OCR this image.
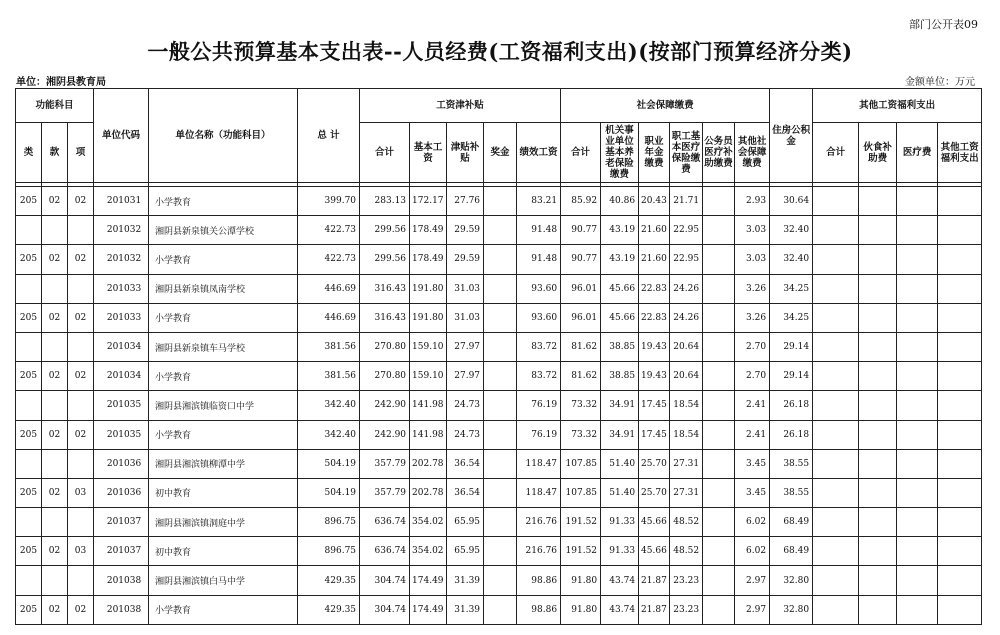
部门公开表09
一般公共预算基本支出表--人员经费(工资福利支出)(按部门预算经济分类)
单位：湘阴县教育局	金额单位：万元
功能科目			单位代码	单位名称（功能科目）	总 计	工资津补贴					社会保障缴费						住房公积金	其他工资福利支出			
类	款	项				合计	基本工资	津贴补贴	奖金	绩效工资	合计	机关事业单位基本养老保险缴费	职业年金缴费	职工基本医疗保险缴费	公务员医疗补助缴费	其他社会保障缴费		合计	伙食补助费	医疗费	其他工资福利支出

205	02	02	201031	小学教育	399.70	283.13	172.17	27.76		83.21	85.92	40.86	20.43	21.71		2.93	30.64				
			201032	湘阴县新泉镇关公潭学校	422.73	299.56	178.49	29.59		91.48	90.77	43.19	21.60	22.95		3.03	32.40				
205	02	02	201032	小学教育	422.73	299.56	178.49	29.59		91.48	90.77	43.19	21.60	22.95		3.03	32.40				
			201033	湘阴县新泉镇凤南学校	446.69	316.43	191.80	31.03		93.60	96.01	45.66	22.83	24.26		3.26	34.25				
205	02	02	201033	小学教育	446.69	316.43	191.80	31.03		93.60	96.01	45.66	22.83	24.26		3.26	34.25				
			201034	湘阴县新泉镇车马学校	381.56	270.80	159.10	27.97		83.72	81.62	38.85	19.43	20.64		2.70	29.14				
205	02	02	201034	小学教育	381.56	270.80	159.10	27.97		83.72	81.62	38.85	19.43	20.64		2.70	29.14				
			201035	湘阴县湘滨镇临资口中学	342.40	242.90	141.98	24.73		76.19	73.32	34.91	17.45	18.54		2.41	26.18				
205	02	02	201035	小学教育	342.40	242.90	141.98	24.73		76.19	73.32	34.91	17.45	18.54		2.41	26.18				
			201036	湘阴县湘滨镇柳潭中学	504.19	357.79	202.78	36.54		118.47	107.85	51.40	25.70	27.31		3.45	38.55				
205	02	03	201036	初中教育	504.19	357.79	202.78	36.54		118.47	107.85	51.40	25.70	27.31		3.45	38.55				
			201037	湘阴县湘滨镇洞庭中学	896.75	636.74	354.02	65.95		216.76	191.52	91.33	45.66	48.52		6.02	68.49				
205	02	03	201037	初中教育	896.75	636.74	354.02	65.95		216.76	191.52	91.33	45.66	48.52		6.02	68.49				
			201038	湘阴县湘滨镇白马中学	429.35	304.74	174.49	31.39		98.86	91.80	43.74	21.87	23.23		2.97	32.80				
205	02	02	201038	小学教育	429.35	304.74	174.49	31.39		98.86	91.80	43.74	21.87	23.23		2.97	32.80				
